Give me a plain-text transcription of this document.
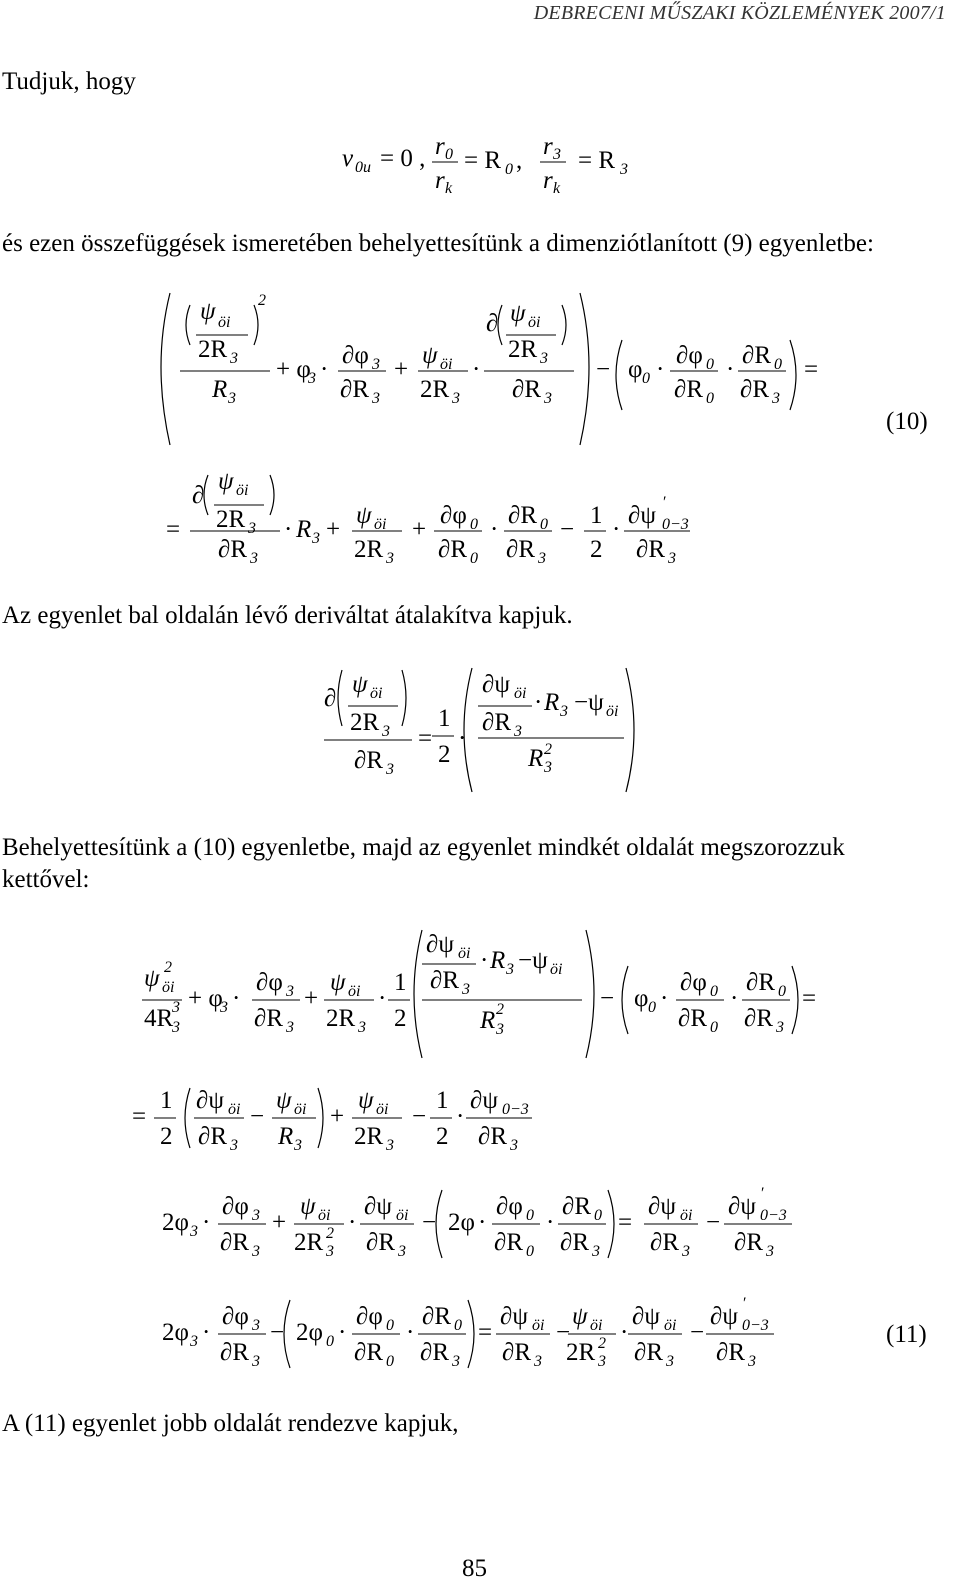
DEBRECENI MŰSZAKI KÖZLEMÉNYEK 2007/1
Tudjuk, hogy
v 0u = 0 , r 0
r k
= R 0 ,
r 3
r k
= R 3
és ezen összefüggések ismeretében behelyettesítünk a dimenziótlanított (9) egyenletbe:
ψ öi
2R 3
2
R 3
+ φ
3 ·
∂φ 3
∂R 3
+
ψ öi
2R 3
·
∂ ψ öi
2R 3
∂R 3
− φ 0 ·
∂φ 0
∂R 0
·
∂R 0
∂R 3
=
=
∂
ψ öi
2R 3
∂R 3
· R 3 +
ψ öi
2R 3
+
∂φ 0
∂R 0
·
∂R 0
∂R 3
−
1
2
·
∂ψ ′
0−3
∂R 3
(10)
Az egyenlet bal oldalán lévő deriváltat átalakítva kapjuk.
∂
ψ öi
2R 3
∂R 3
=
1
2
·
∂ψ öi
∂R 3
· R 3 −ψ öi
R 3
2
Behelyettesítünk a (10) egyenletbe, majd az egyenlet mindkét oldalát megszorozzuk
kettővel:
ψ öi
2
4R
3
3 + φ
3 ·
∂φ 3
∂R 3
+
ψ öi
2R 3
·
1
2
∂ψ öi
∂R 3
· R 3 −ψ öi
R 3
2	− φ 0 ·
∂φ 0
∂R 0
·
∂R 0
∂R 3
=
=
1
2
∂ψ öi
∂R 3
−
ψ öi
R 3
+
ψ öi
2R 3
−
1
2
·
∂ψ 0−3
∂R 3
2φ 3 ·
∂φ 3
∂R 3
+
ψ öi
2R 3
2 ·
∂ψ öi
∂R 3
− 2φ ·
∂φ 0
∂R 0
·
∂R 0
∂R 3
=
∂ψ öi
∂R 3
−
∂ψ ′
0−3
∂R 3
2φ 3 ·
∂φ 3
∂R 3
− 2φ 0 ·
∂φ 0
∂R 0
·
∂R 0
∂R 3
=
∂ψ öi
∂R 3
−
ψ öi
2R 3
2 ·
∂ψ öi
∂R 3
−
∂ψ ′
0−3
∂R 3
(11)
A (11) egyenlet jobb oldalát rendezve kapjuk,
85
